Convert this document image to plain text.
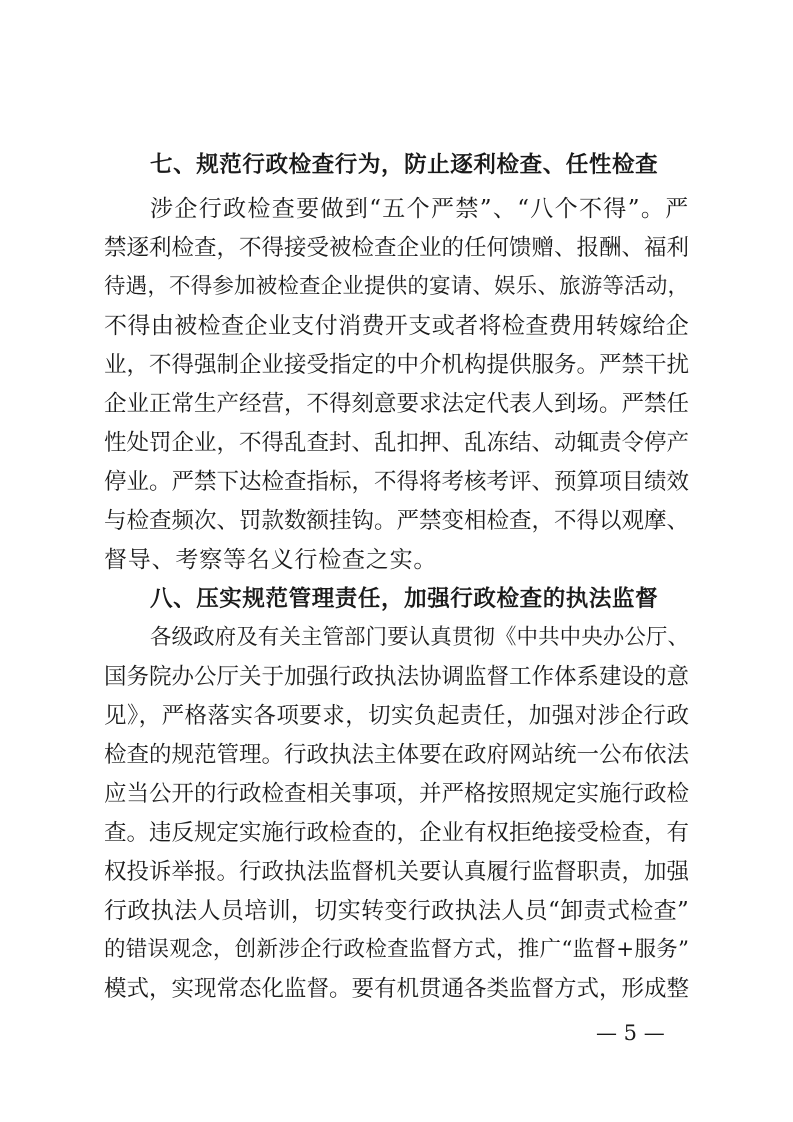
七、规范行政检查行为，防止逐利检查、任性检查
涉企行政检查要做到“五个严禁”、“八个不得”。严
禁逐利检查，不得接受被检查企业的任何馈赠、报酬、福利
待遇，不得参加被检查企业提供的宴请、娱乐、旅游等活动，
不得由被检查企业支付消费开支或者将检查费用转嫁给企
业，不得强制企业接受指定的中介机构提供服务。严禁干扰
企业正常生产经营，不得刻意要求法定代表人到场。严禁任
性处罚企业，不得乱查封、乱扣押、乱冻结、动辄责令停产
停业。严禁下达检查指标，不得将考核考评、预算项目绩效
与检查频次、罚款数额挂钩。严禁变相检查，不得以观摩、
督导、考察等名义行检查之实。
八、压实规范管理责任，加强行政检查的执法监督
各级政府及有关主管部门要认真贯彻《中共中央办公厅、
国务院办公厅关于加强行政执法协调监督工作体系建设的意
见》，严格落实各项要求，切实负起责任，加强对涉企行政
检查的规范管理。行政执法主体要在政府网站统一公布依法
应当公开的行政检查相关事项，并严格按照规定实施行政检
查。违反规定实施行政检查的，企业有权拒绝接受检查，有
权投诉举报。行政执法监督机关要认真履行监督职责，加强
行政执法人员培训，切实转变行政执法人员“卸责式检查”
的错误观念，创新涉企行政检查监督方式，推广“监督+服务”
模式，实现常态化监督。要有机贯通各类监督方式，形成整
— 5 —
